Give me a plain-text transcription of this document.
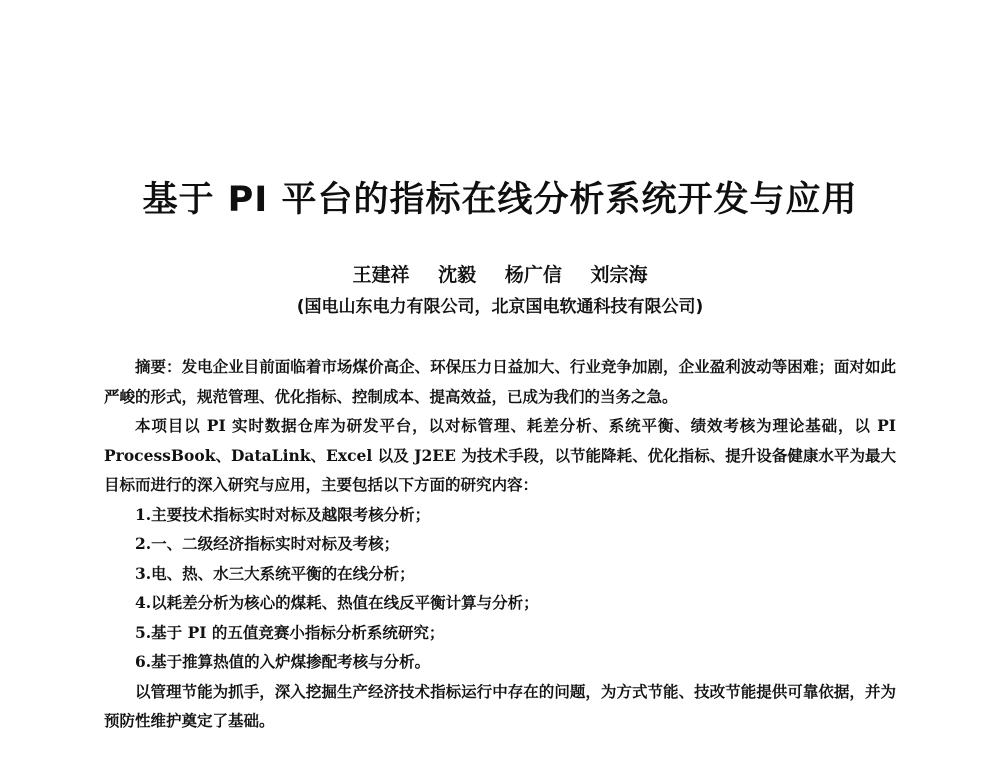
基于 PI 平台的指标在线分析系统开发与应用
王建祥 沈毅 杨广信 刘宗海
(国电山东电力有限公司，北京国电软通科技有限公司)

摘要：发电企业目前面临着市场煤价高企、环保压力日益加大、行业竞争加剧，企业盈利波动等困难；面对如此严峻的形式，规范管理、优化指标、控制成本、提高效益，已成为我们的当务之急。

本项目以 PI 实时数据仓库为研发平台，以对标管理、耗差分析、系统平衡、绩效考核为理论基础，以 PI ProcessBook、DataLink、Excel 以及 J2EE 为技术手段，以节能降耗、优化指标、提升设备健康水平为最大目标而进行的深入研究与应用，主要包括以下方面的研究内容：

1.主要技术指标实时对标及越限考核分析；

2.一、二级经济指标实时对标及考核；

3.电、热、水三大系统平衡的在线分析；

4.以耗差分析为核心的煤耗、热值在线反平衡计算与分析；

5.基于 PI 的五值竞赛小指标分析系统研究；

6.基于推算热值的入炉煤掺配考核与分析。

以管理节能为抓手，深入挖掘生产经济技术指标运行中存在的问题，为方式节能、技改节能提供可靠依据，并为预防性维护奠定了基础。
